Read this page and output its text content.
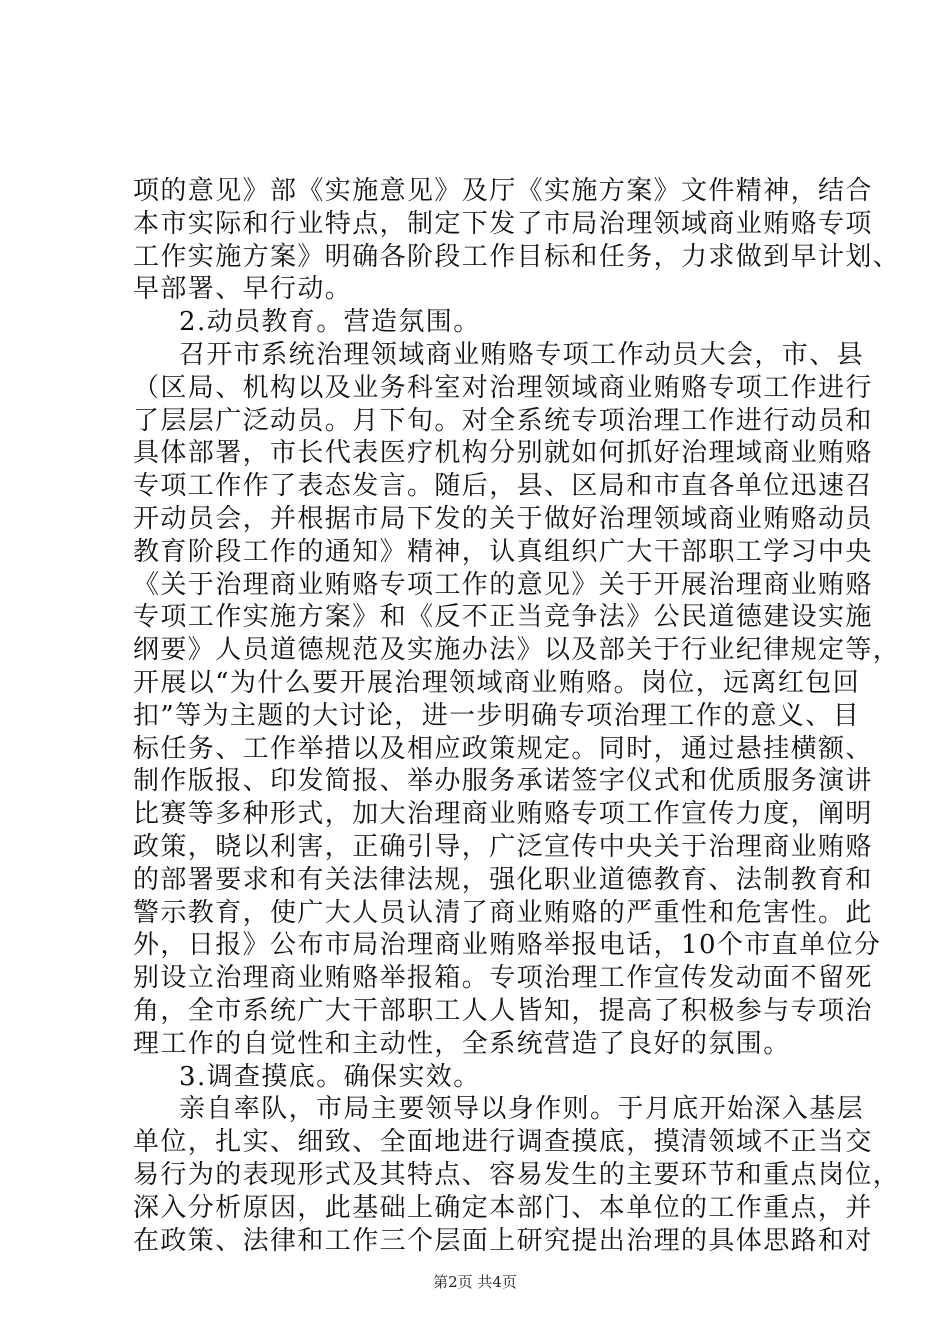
项的意见》部《实施意见》及厅《实施方案》文件精神，结合
本市实际和行业特点，制定下发了市局治理领域商业贿赂专项
工作实施方案》明确各阶段工作目标和任务，力求做到早计划、
早部署、早行动。
2.动员教育。营造氛围。
召开市系统治理领域商业贿赂专项工作动员大会，市、县
（区局、机构以及业务科室对治理领域商业贿赂专项工作进行
了层层广泛动员。月下旬。对全系统专项治理工作进行动员和
具体部署，市长代表医疗机构分别就如何抓好治理域商业贿赂
专项工作作了表态发言。随后，县、区局和市直各单位迅速召
开动员会，并根据市局下发的关于做好治理领域商业贿赂动员
教育阶段工作的通知》精神，认真组织广大干部职工学习中央
《关于治理商业贿赂专项工作的意见》关于开展治理商业贿赂
专项工作实施方案》和《反不正当竞争法》公民道德建设实施
纲要》人员道德规范及实施办法》以及部关于行业纪律规定等，
开展以“为什么要开展治理领域商业贿赂。岗位，远离红包回
扣”等为主题的大讨论，进一步明确专项治理工作的意义、目
标任务、工作举措以及相应政策规定。同时，通过悬挂横额、
制作版报、印发简报、举办服务承诺签字仪式和优质服务演讲
比赛等多种形式，加大治理商业贿赂专项工作宣传力度，阐明
政策，晓以利害，正确引导，广泛宣传中央关于治理商业贿赂
的部署要求和有关法律法规，强化职业道德教育、法制教育和
警示教育，使广大人员认清了商业贿赂的严重性和危害性。此
外，日报》公布市局治理商业贿赂举报电话，10个市直单位分
别设立治理商业贿赂举报箱。专项治理工作宣传发动面不留死
角，全市系统广大干部职工人人皆知，提高了积极参与专项治
理工作的自觉性和主动性，全系统营造了良好的氛围。
3.调查摸底。确保实效。
亲自率队，市局主要领导以身作则。于月底开始深入基层
单位，扎实、细致、全面地进行调查摸底，摸清领域不正当交
易行为的表现形式及其特点、容易发生的主要环节和重点岗位，
深入分析原因，此基础上确定本部门、本单位的工作重点，并
在政策、法律和工作三个层面上研究提出治理的具体思路和对
第2页 共4页
